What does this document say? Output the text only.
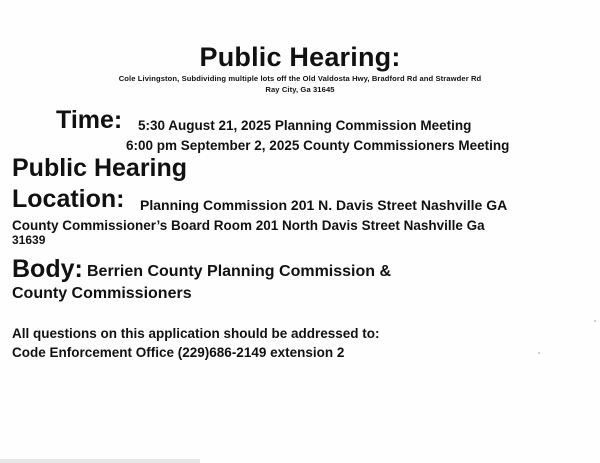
Public Hearing:
Cole Livingston, Subdividing multiple lots off the Old Valdosta Hwy, Bradford Rd and Strawder Rd
Ray City, Ga 31645
Time: 5:30 August 21, 2025 Planning Commission Meeting
6:00 pm September 2, 2025 County Commissioners Meeting
Public Hearing
Location: Planning Commission 201 N. Davis Street Nashville GA
County Commissioner’s Board Room 201 North Davis Street Nashville Ga
31639
Body: Berrien County Planning Commission &
County Commissioners
All questions on this application should be addressed to:
Code Enforcement Office (229)686-2149 extension 2
